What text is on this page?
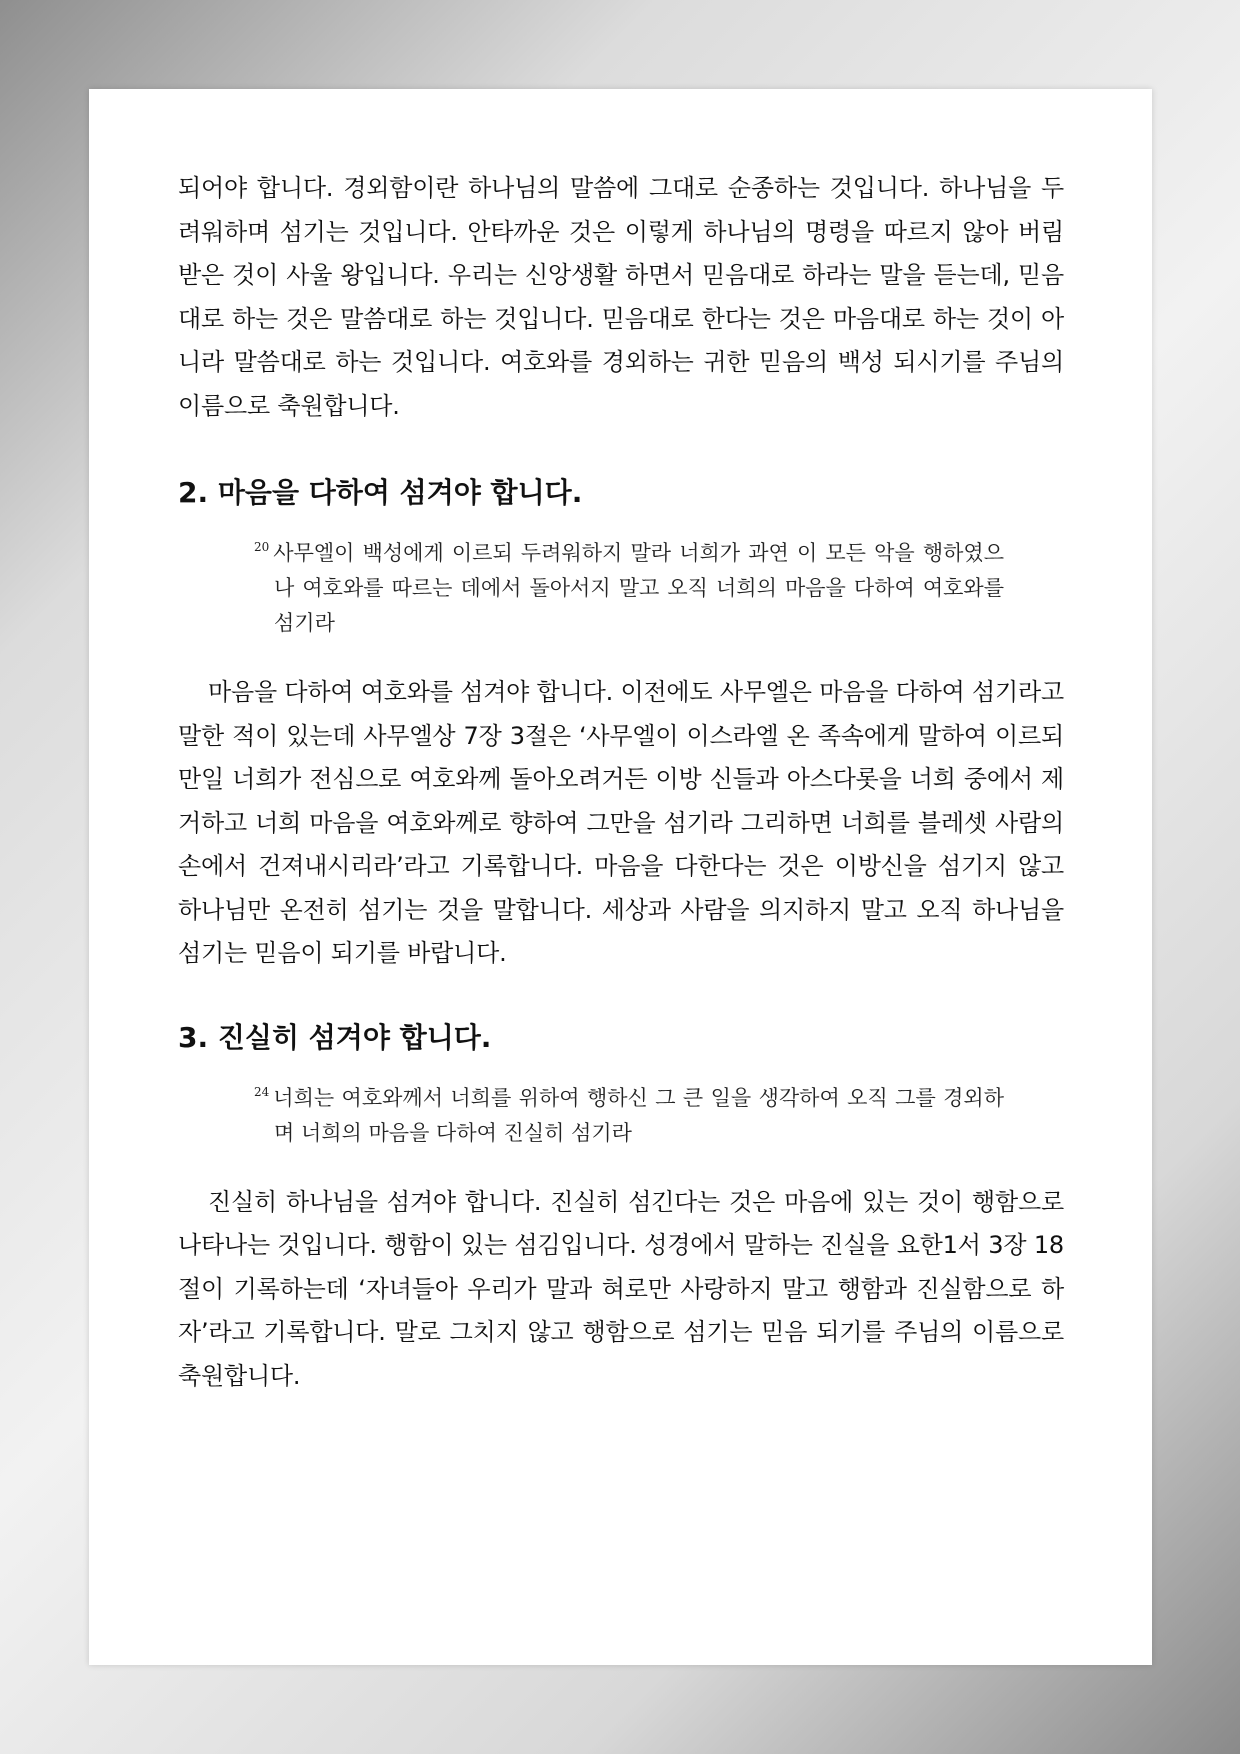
되어야 합니다. 경외함이란 하나님의 말씀에 그대로 순종하는 것입니다. 하나님을 두려워하며 섬기는 것입니다. 안타까운 것은 이렇게 하나님의 명령을 따르지 않아 버림받은 것이 사울 왕입니다. 우리는 신앙생활 하면서 믿음대로 하라는 말을 듣는데, 믿음 대로 하는 것은 말씀대로 하는 것입니다. 믿음대로 한다는 것은 마음대로 하는 것이 아니라 말씀대로 하는 것입니다. 여호와를 경외하는 귀한 믿음의 백성 되시기를 주님의 이름으로 축원합니다.

2. 마음을 다하여 섬겨야 합니다.

$^{20}$ 사무엘이 백성에게 이르되 두려워하지 말라 너희가 과연 이 모든 악을 행하였으나 여호와를 따르는 데에서 돌아서지 말고 오직 너희의 마음을 다하여 여호와를 섬기라

마음을 다하여 여호와를 섬겨야 합니다. 이전에도 사무엘은 마음을 다하여 섬기라고 말한 적이 있는데 사무엘상 7장 3절은 ‘사무엘이 이스라엘 온 족속에게 말하여 이르되 만일 너희가 전심으로 여호와께 돌아오려거든 이방 신들과 아스다롯을 너희 중에서 제거하고 너희 마음을 여호와께로 향하여 그만을 섬기라 그리하면 너희를 블레셋 사람의 손에서 건져내시리라’라고 기록합니다. 마음을 다한다는 것은 이방신을 섬기지 않고 하나님만 온전히 섬기는 것을 말합니다. 세상과 사람을 의지하지 말고 오직 하나님을 섬기는 믿음이 되기를 바랍니다.

3. 진실히 섬겨야 합니다.

$^{24}$ 너희는 여호와께서 너희를 위하여 행하신 그 큰 일을 생각하여 오직 그를 경외하며 너희의 마음을 다하여 진실히 섬기라

진실히 하나님을 섬겨야 합니다. 진실히 섬긴다는 것은 마음에 있는 것이 행함으로 나타나는 것입니다. 행함이 있는 섬김입니다. 성경에서 말하는 진실을 요한1서 3장 18절이 기록하는데 ‘자녀들아 우리가 말과 혀로만 사랑하지 말고 행함과 진실함으로 하자’라고 기록합니다. 말로 그치지 않고 행함으로 섬기는 믿음 되기를 주님의 이름으로 축원합니다.
